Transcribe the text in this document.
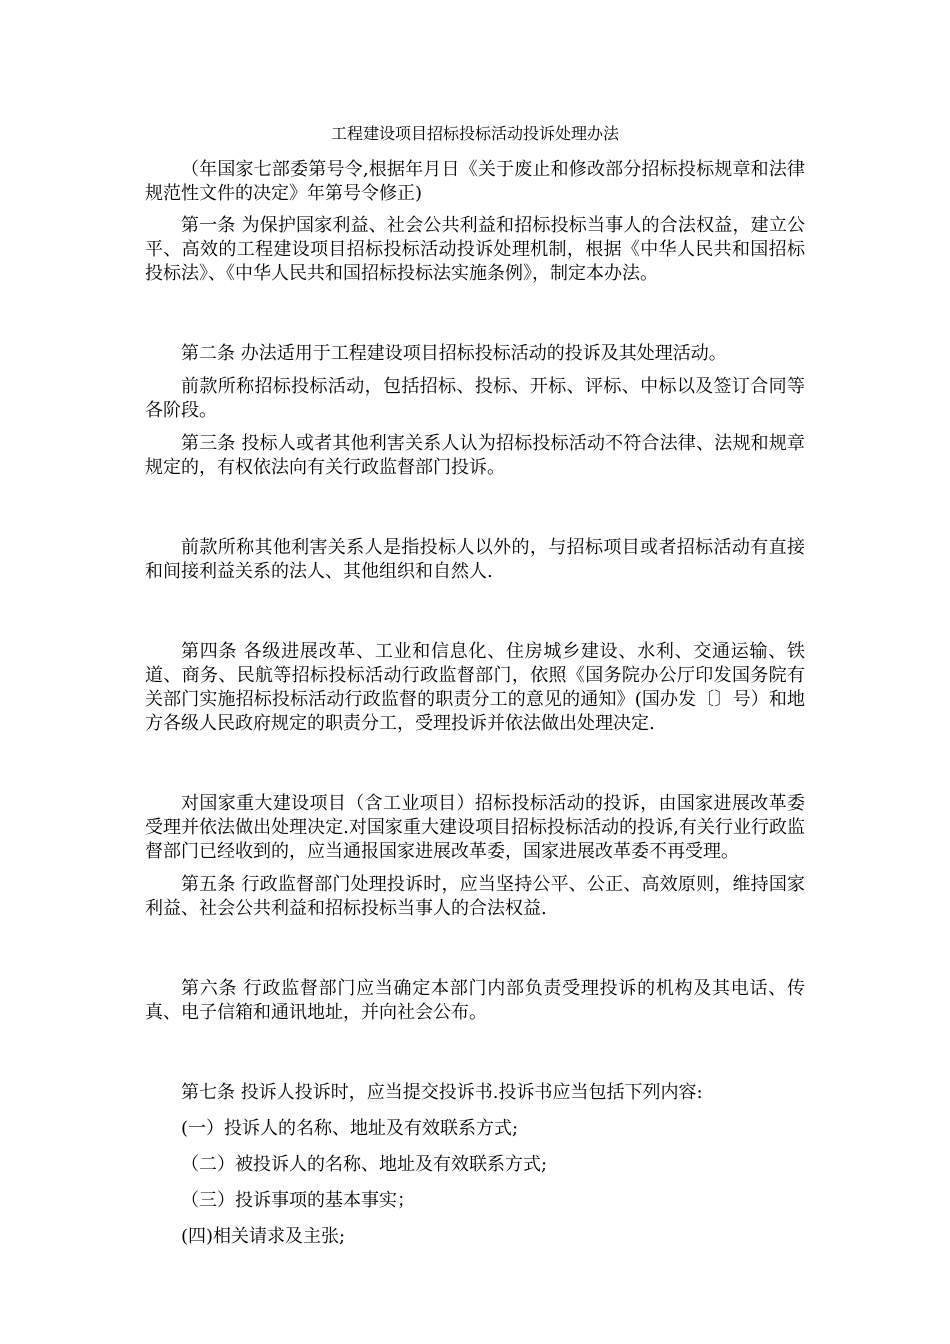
工程建设项目招标投标活动投诉处理办法

（年国家七部委第号令,根据年月日《关于废止和修改部分招标投标规章和法律规范性文件的决定》年第号令修正)

第一条 为保护国家利益、社会公共利益和招标投标当事人的合法权益，建立公平、高效的工程建设项目招标投标活动投诉处理机制，根据《中华人民共和国招标投标法》、《中华人民共和国招标投标法实施条例》，制定本办法。

第二条 办法适用于工程建设项目招标投标活动的投诉及其处理活动。

前款所称招标投标活动，包括招标、投标、开标、评标、中标以及签订合同等各阶段。

第三条 投标人或者其他利害关系人认为招标投标活动不符合法律、法规和规章规定的，有权依法向有关行政监督部门投诉。

前款所称其他利害关系人是指投标人以外的，与招标项目或者招标活动有直接和间接利益关系的法人、其他组织和自然人.

第四条 各级进展改革、工业和信息化、住房城乡建设、水利、交通运输、铁道、商务、民航等招标投标活动行政监督部门，依照《国务院办公厅印发国务院有关部门实施招标投标活动行政监督的职责分工的意见的通知》(国办发〔〕号）和地方各级人民政府规定的职责分工，受理投诉并依法做出处理决定.

对国家重大建设项目（含工业项目）招标投标活动的投诉，由国家进展改革委受理并依法做出处理决定.对国家重大建设项目招标投标活动的投诉,有关行业行政监督部门已经收到的，应当通报国家进展改革委，国家进展改革委不再受理。

第五条 行政监督部门处理投诉时，应当坚持公平、公正、高效原则，维持国家利益、社会公共利益和招标投标当事人的合法权益.

第六条 行政监督部门应当确定本部门内部负责受理投诉的机构及其电话、传真、电子信箱和通讯地址，并向社会公布。

第七条 投诉人投诉时，应当提交投诉书.投诉书应当包括下列内容:

(一）投诉人的名称、地址及有效联系方式;

（二）被投诉人的名称、地址及有效联系方式;

（三）投诉事项的基本事实；

(四)相关请求及主张;
